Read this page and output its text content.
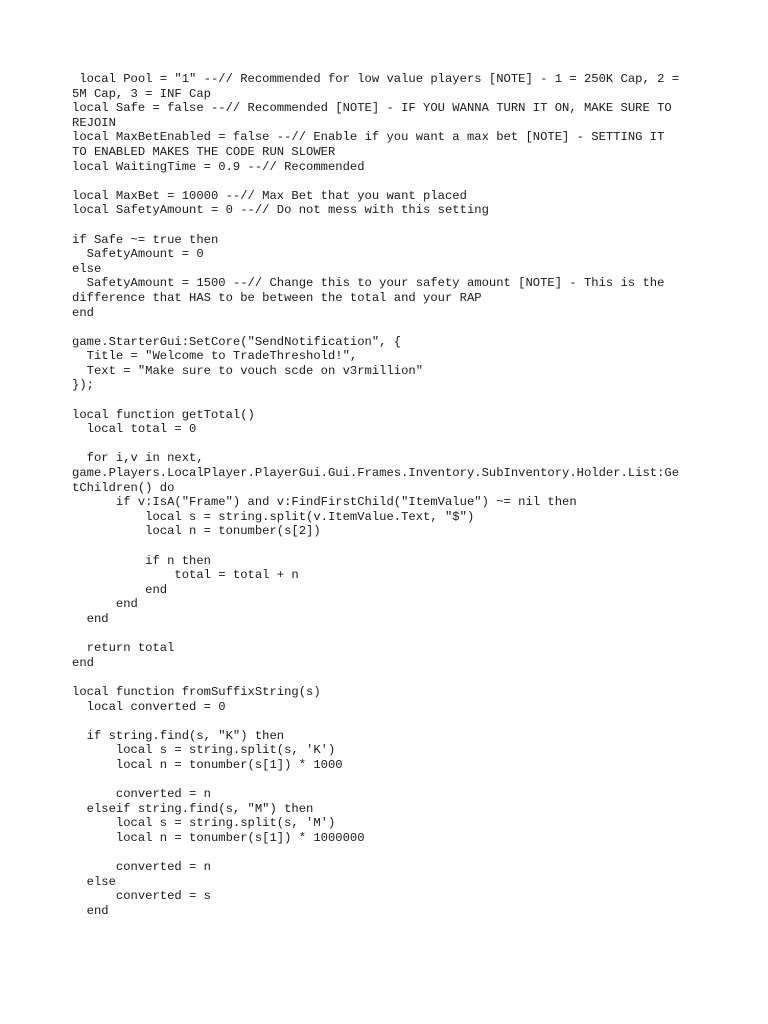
local Pool = "1" --// Recommended for low value players [NOTE] - 1 = 250K Cap, 2 =
5M Cap, 3 = INF Cap
local Safe = false --// Recommended [NOTE] - IF YOU WANNA TURN IT ON, MAKE SURE TO
REJOIN
local MaxBetEnabled = false --// Enable if you want a max bet [NOTE] - SETTING IT
TO ENABLED MAKES THE CODE RUN SLOWER
local WaitingTime = 0.9 --// Recommended
local MaxBet = 10000 --// Max Bet that you want placed
local SafetyAmount = 0 --// Do not mess with this setting
if Safe ~= true then
SafetyAmount = 0
else
SafetyAmount = 1500 --// Change this to your safety amount [NOTE] - This is the
difference that HAS to be between the total and your RAP
end
game.StarterGui:SetCore("SendNotification", {
Title = "Welcome to TradeThreshold!",
Text = "Make sure to vouch scde on v3rmillion"
});
local function getTotal()
local total = 0
for i,v in next,
game.Players.LocalPlayer.PlayerGui.Gui.Frames.Inventory.SubInventory.Holder.List:Ge
tChildren() do
if v:IsA("Frame") and v:FindFirstChild("ItemValue") ~= nil then
local s = string.split(v.ItemValue.Text, "$")
local n = tonumber(s[2])
if n then
total = total + n
end
end
end
return total
end
local function fromSuffixString(s)
local converted = 0
if string.find(s, "K") then
local s = string.split(s, 'K')
local n = tonumber(s[1]) * 1000
converted = n
elseif string.find(s, "M") then
local s = string.split(s, 'M')
local n = tonumber(s[1]) * 1000000
converted = n
else
converted = s
end
